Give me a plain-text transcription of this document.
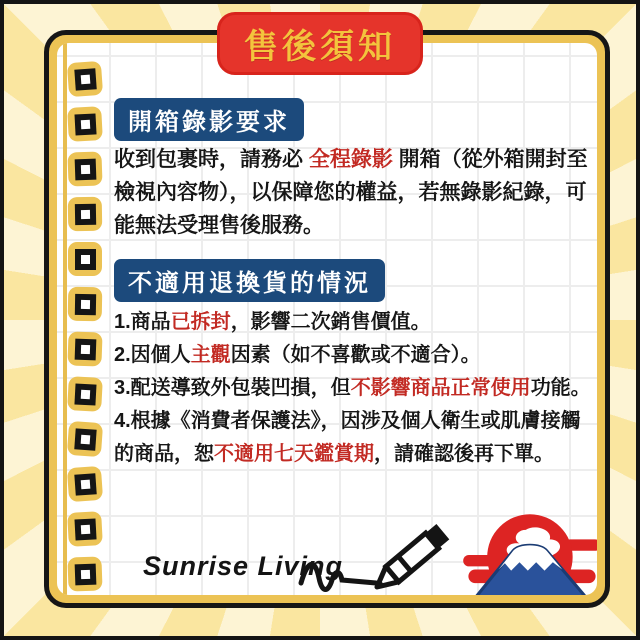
售後須知
開箱錄影要求

收到包裹時，請務必 全程錄影 開箱（從外箱開封至檢視內容物），以保障您的權益，若無錄影紀錄，可能無法受理售後服務。

不適用退換貨的情況
1.商品已拆封，影響二次銷售價值。
2.因個人主觀因素（如不喜歡或不適合）。
3.配送導致外包裝凹損，但不影響商品正常使用功能。
4.根據《消費者保護法》，因涉及個人衛生或肌膚接觸的商品，恕不適用七天鑑賞期，請確認後再下單。
Sunrise Living
